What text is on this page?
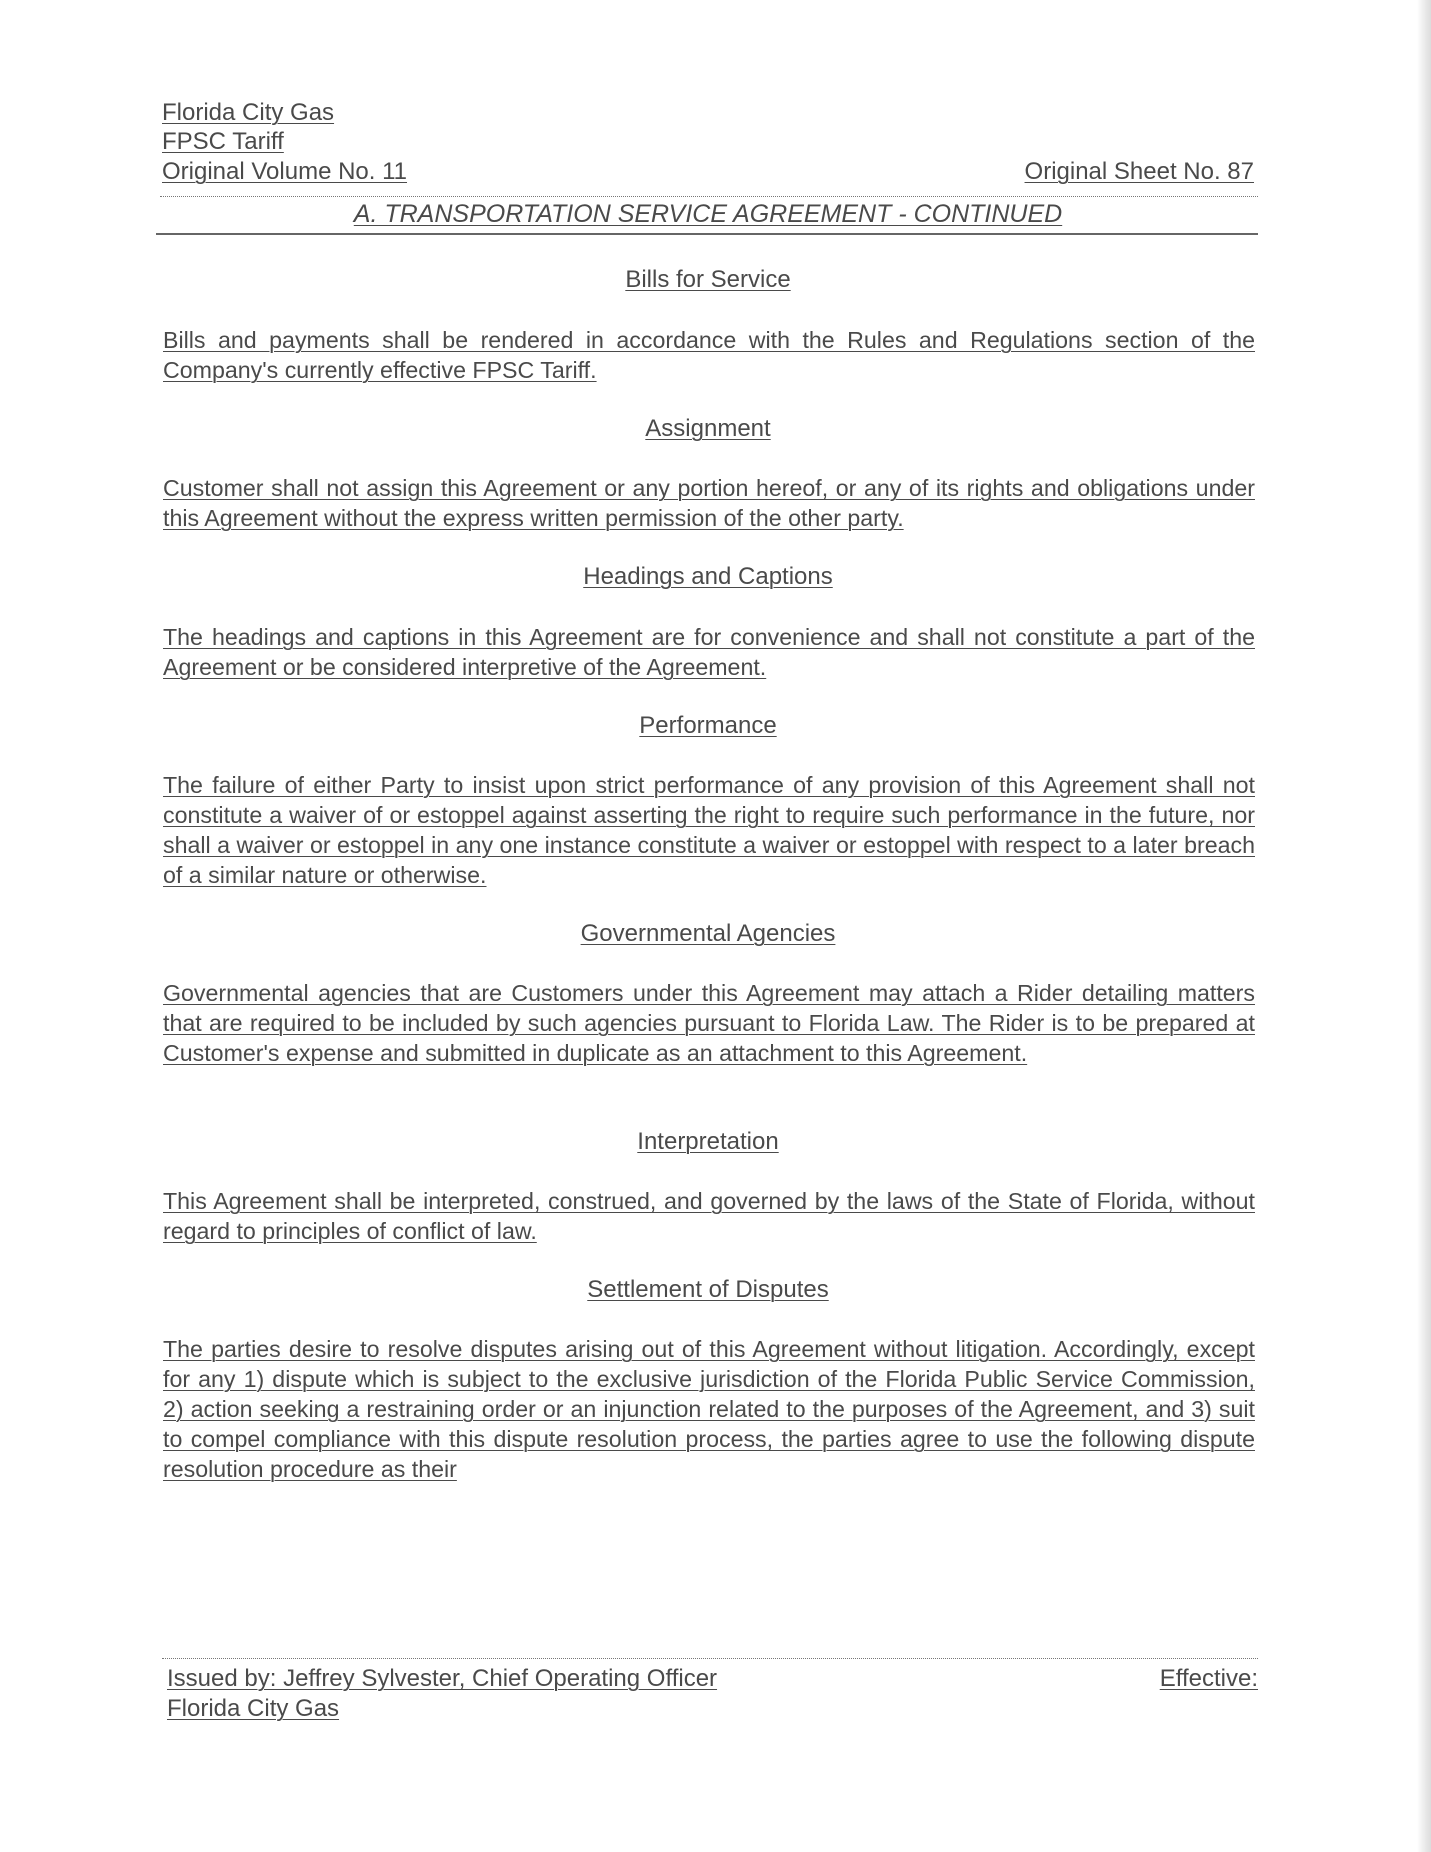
Florida City Gas
FPSC Tariff
Original Volume No. 11	Original Sheet No. 87
A. TRANSPORTATION SERVICE AGREEMENT - CONTINUED
Bills for Service
Bills and payments shall be rendered in accordance with the Rules and Regulations section of the Company's currently effective FPSC Tariff.
Assignment
Customer shall not assign this Agreement or any portion hereof, or any of its rights and obligations under this Agreement without the express written permission of the other party.
Headings and Captions
The headings and captions in this Agreement are for convenience and shall not constitute a part of the Agreement or be considered interpretive of the Agreement.
Performance
The failure of either Party to insist upon strict performance of any provision of this Agreement shall not constitute a waiver of or estoppel against asserting the right to require such performance in the future, nor shall a waiver or estoppel in any one instance constitute a waiver or estoppel with respect to a later breach of a similar nature or otherwise.
Governmental Agencies
Governmental agencies that are Customers under this Agreement may attach a Rider detailing matters that are required to be included by such agencies pursuant to Florida Law. The Rider is to be prepared at Customer's expense and submitted in duplicate as an attachment to this Agreement.
Interpretation
This Agreement shall be interpreted, construed, and governed by the laws of the State of Florida, without regard to principles of conflict of law.
Settlement of Disputes
The parties desire to resolve disputes arising out of this Agreement without litigation. Accordingly, except for any 1) dispute which is subject to the exclusive jurisdiction of the Florida Public Service Commission, 2) action seeking a restraining order or an injunction related to the purposes of the Agreement, and 3) suit to compel compliance with this dispute resolution process, the parties agree to use the following dispute resolution procedure as their
Issued by: Jeffrey Sylvester, Chief Operating Officer	Effective:
Florida City Gas
